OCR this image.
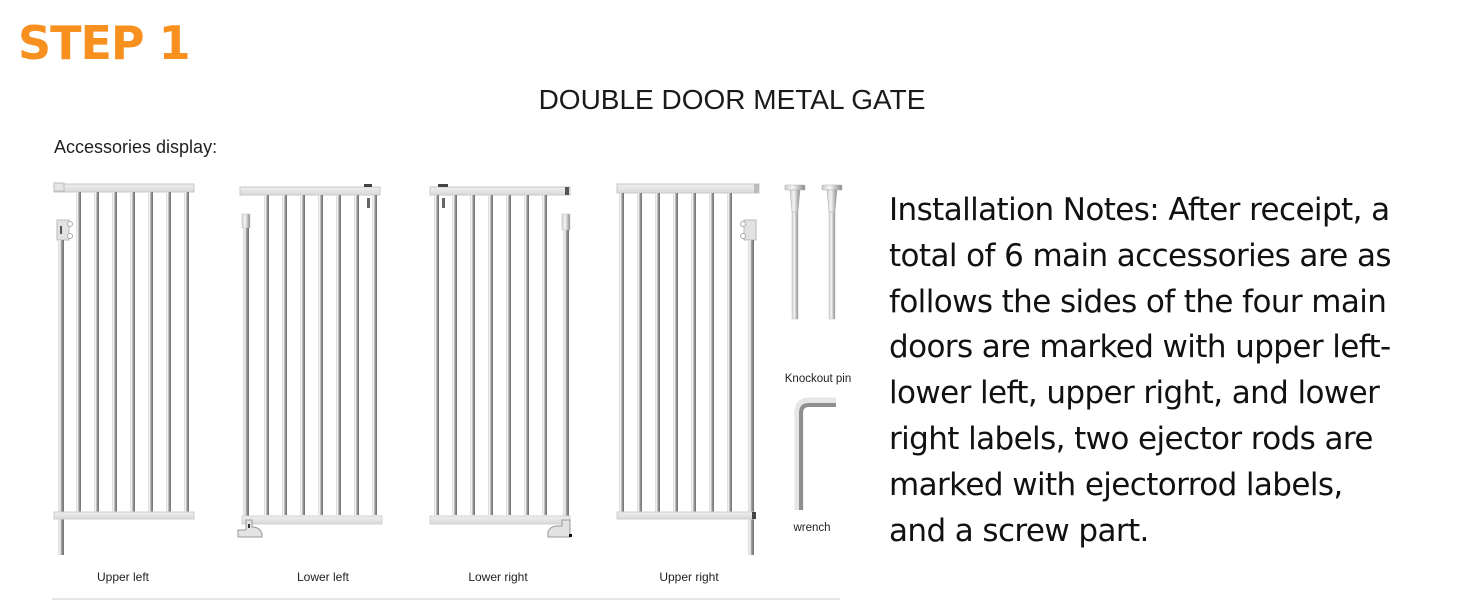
STEP 1
DOUBLE DOOR METAL GATE
Accessories display:
Upper left	Lower left	Lower right	Upper right
Knockout pin
wrench
Installation Notes: After receipt, a
total of 6 main accessories are as
follows the sides of the four main
doors are marked with upper left-
lower left, upper right, and lower
right labels, two ejector rods are
marked with ejectorrod labels,
and a screw part.
